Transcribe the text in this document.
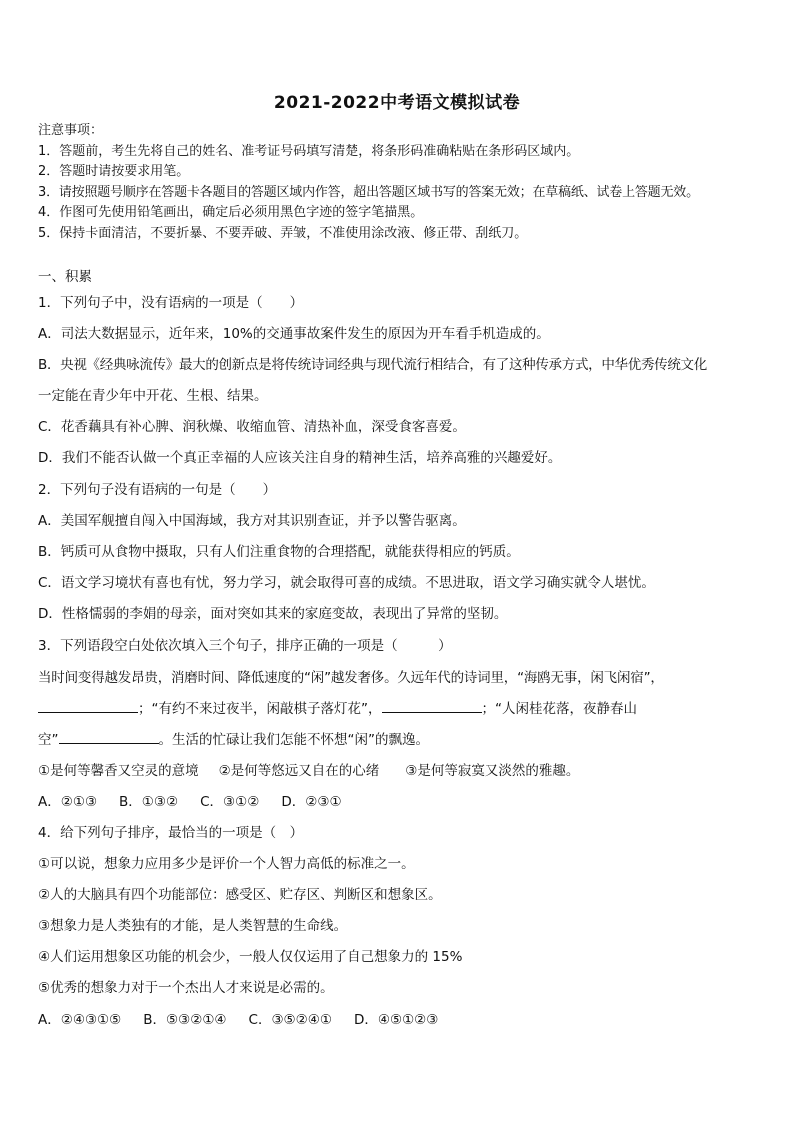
2021-2022中考语文模拟试卷
注意事项：
1．答题前，考生先将自己的姓名、准考证号码填写清楚，将条形码准确粘贴在条形码区域内。
2．答题时请按要求用笔。
3．请按照题号顺序在答题卡各题目的答题区域内作答，超出答题区域书写的答案无效；在草稿纸、试卷上答题无效。
4．作图可先使用铅笔画出，确定后必须用黑色字迹的签字笔描黑。
5．保持卡面清洁，不要折暴、不要弄破、弄皱，不准使用涂改液、修正带、刮纸刀。
一、积累
1．下列句子中，没有语病的一项是（　　）
A．司法大数据显示，近年来，10%的交通事故案件发生的原因为开车看手机造成的。
B．央视《经典咏流传》最大的创新点是将传统诗词经典与现代流行相结合，有了这种传承方式，中华优秀传统文化
一定能在青少年中开花、生根、结果。
C．花香藕具有补心脾、润秋燥、收缩血管、清热补血，深受食客喜爱。
D．我们不能否认做一个真正幸福的人应该关注自身的精神生活，培养高雅的兴趣爱好。
2．下列句子没有语病的一句是（　　）
A．美国军舰擅自闯入中国海域，我方对其识别查证，并予以警告驱离。
B．钙质可从食物中摄取，只有人们注重食物的合理搭配，就能获得相应的钙质。
C．语文学习境状有喜也有忧，努力学习，就会取得可喜的成绩。不思进取，语文学习确实就令人堪忧。
D．性格懦弱的李娟的母亲，面对突如其来的家庭变故，表现出了异常的坚韧。
3．下列语段空白处依次填入三个句子，排序正确的一项是（　　　）
当时间变得越发昂贵，消磨时间、降低速度的“闲”越发奢侈。久远年代的诗词里，“海鸥无事，闲飞闲宿”，
；“有约不来过夜半，闲敲棋子落灯花”，	；“人闲桂花落，夜静春山
空”	。生活的忙碌让我们怎能不怀想“闲”的飘逸。
①是何等馨香又空灵的意境 ②是何等悠远又自在的心绪 ③是何等寂寞又淡然的雅趣。
A．②①③ B．①③② C．③①② D．②③①
4．给下列句子排序，最恰当的一项是（　）
①可以说，想象力应用多少是评价一个人智力高低的标准之一。
②人的大脑具有四个功能部位：感受区、贮存区、判断区和想象区。
③想象力是人类独有的才能，是人类智慧的生命线。
④人们运用想象区功能的机会少，一般人仅仅运用了自己想象力的 15%
⑤优秀的想象力对于一个杰出人才来说是必需的。
A．②④③①⑤ B．⑤③②①④ C．③⑤②④① D．④⑤①②③
